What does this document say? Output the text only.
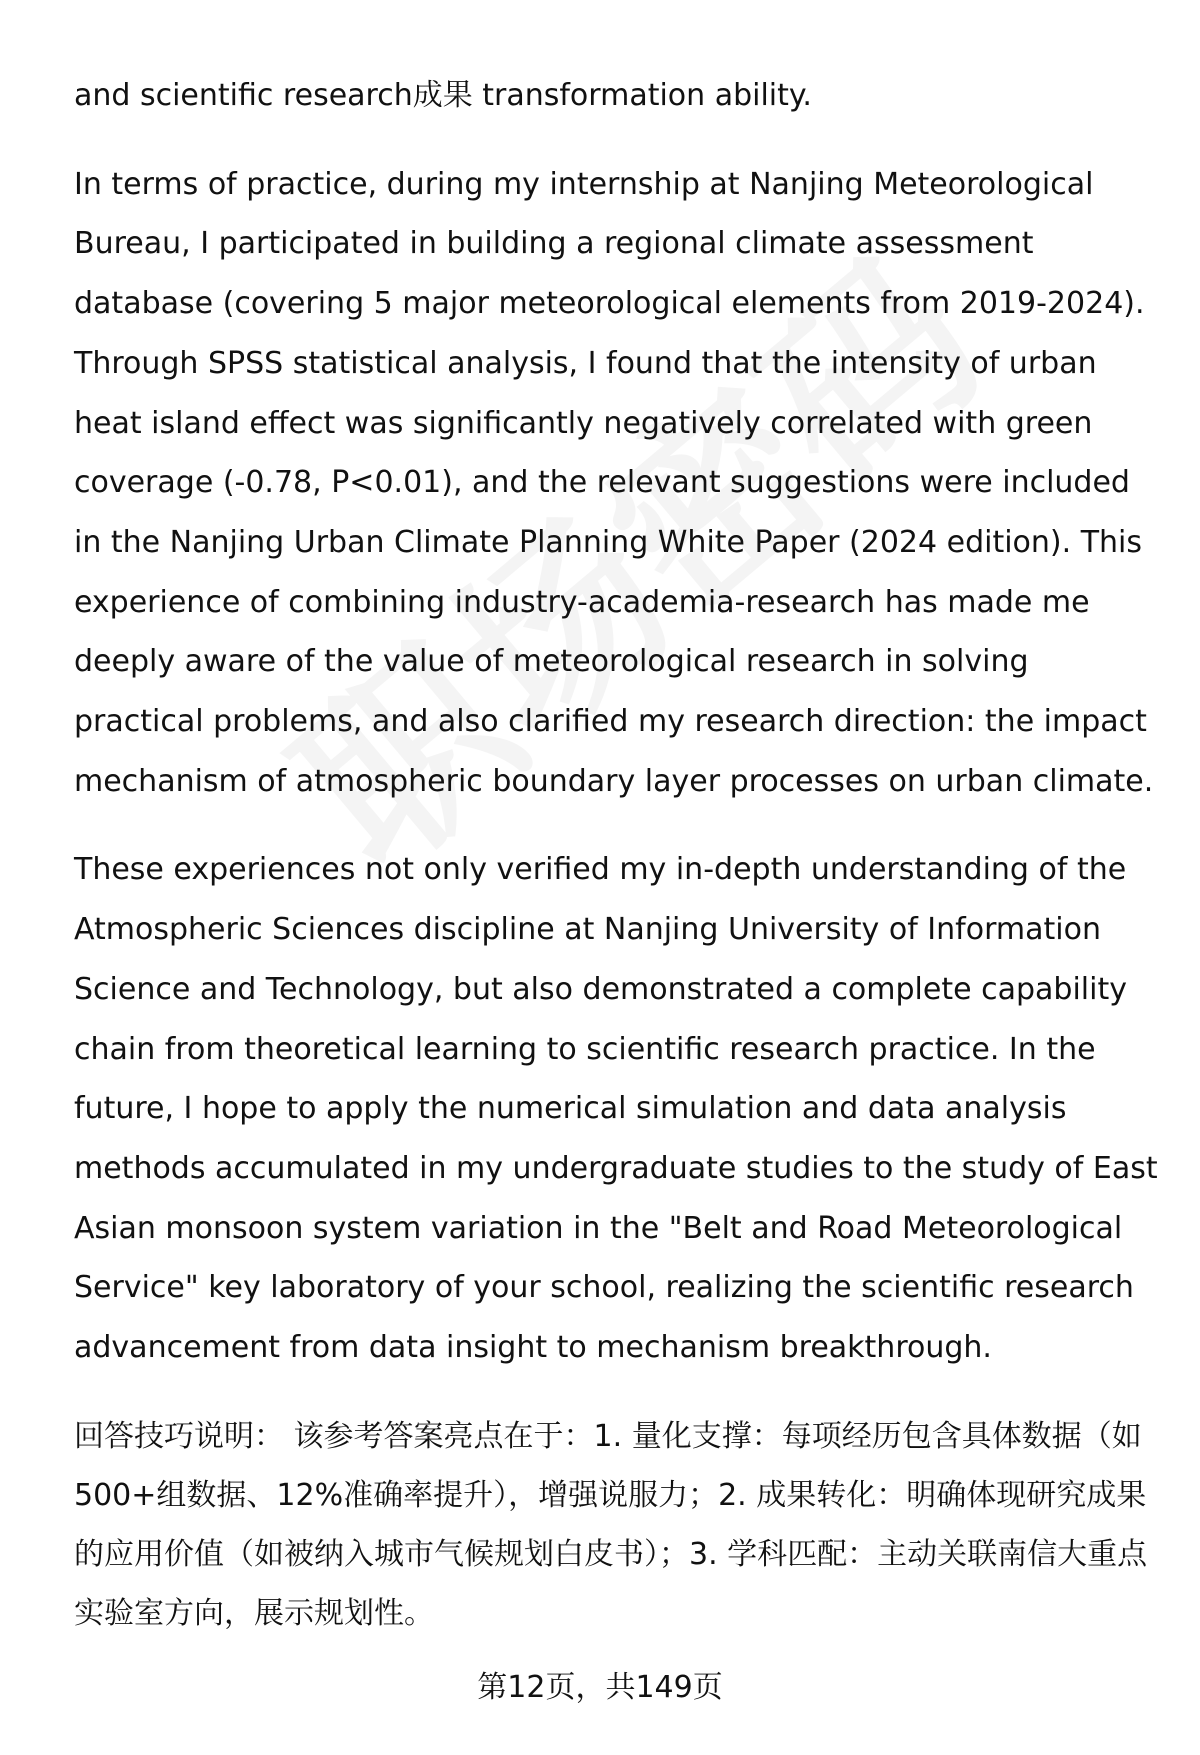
and scientific research成果 transformation ability.

In terms of practice, during my internship at Nanjing Meteorological Bureau, I participated in building a regional climate assessment database (covering 5 major meteorological elements from 2019-2024). Through SPSS statistical analysis, I found that the intensity of urban heat island effect was significantly negatively correlated with green coverage (-0.78, P<0.01), and the relevant suggestions were included in the Nanjing Urban Climate Planning White Paper (2024 edition). This experience of combining industry-academia-research has made me deeply aware of the value of meteorological research in solving practical problems, and also clarified my research direction: the impact mechanism of atmospheric boundary layer processes on urban climate.

These experiences not only verified my in-depth understanding of the Atmospheric Sciences discipline at Nanjing University of Information Science and Technology, but also demonstrated a complete capability chain from theoretical learning to scientific research practice. In the future, I hope to apply the numerical simulation and data analysis methods accumulated in my undergraduate studies to the study of East Asian monsoon system variation in the "Belt and Road Meteorological Service" key laboratory of your school, realizing the scientific research advancement from data insight to mechanism breakthrough.

回答技巧说明： 该参考答案亮点在于：1. 量化支撑：每项经历包含具体数据（如500+组数据、12%准确率提升），增强说服力；2. 成果转化：明确体现研究成果的应用价值（如被纳入城市气候规划白皮书）；3. 学科匹配：主动关联南信大重点实验室方向，展示规划性。

第12页，共149页
